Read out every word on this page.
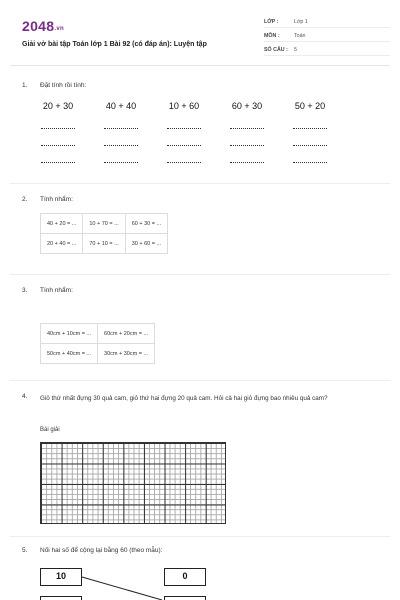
$2048_{.vn}$
Giải vở bài tập Toán lớp 1 Bài 92 (có đáp án): Luyện tập
LỚP :	Lớp 1
MÔN :	Toán
SỐ CÂU : 5
1. Đặt tính rồi tính:
20 + 30	40 + 40	10 + 60	60 + 30	50 + 20
2. Tính nhẩm:
40 + 20 = ...	10 + 70 = ...	60 + 30 = ...
20 + 40 = ...	70 + 10 = ...	30 + 60 = ...
3. Tính nhẩm:
40cm + 10cm = ...	60cm + 20cm = ...
50cm + 40cm = ...	30cm + 30cm = ...
4. Giỏ thứ nhất đựng 30 quả cam, giỏ thứ hai đựng 20 quả cam. Hỏi cả hai giỏ đựng bao nhiêu quả cam?
Bài giải
5. Nối hai số để cộng lại bằng 60 (theo mẫu):
10	0
